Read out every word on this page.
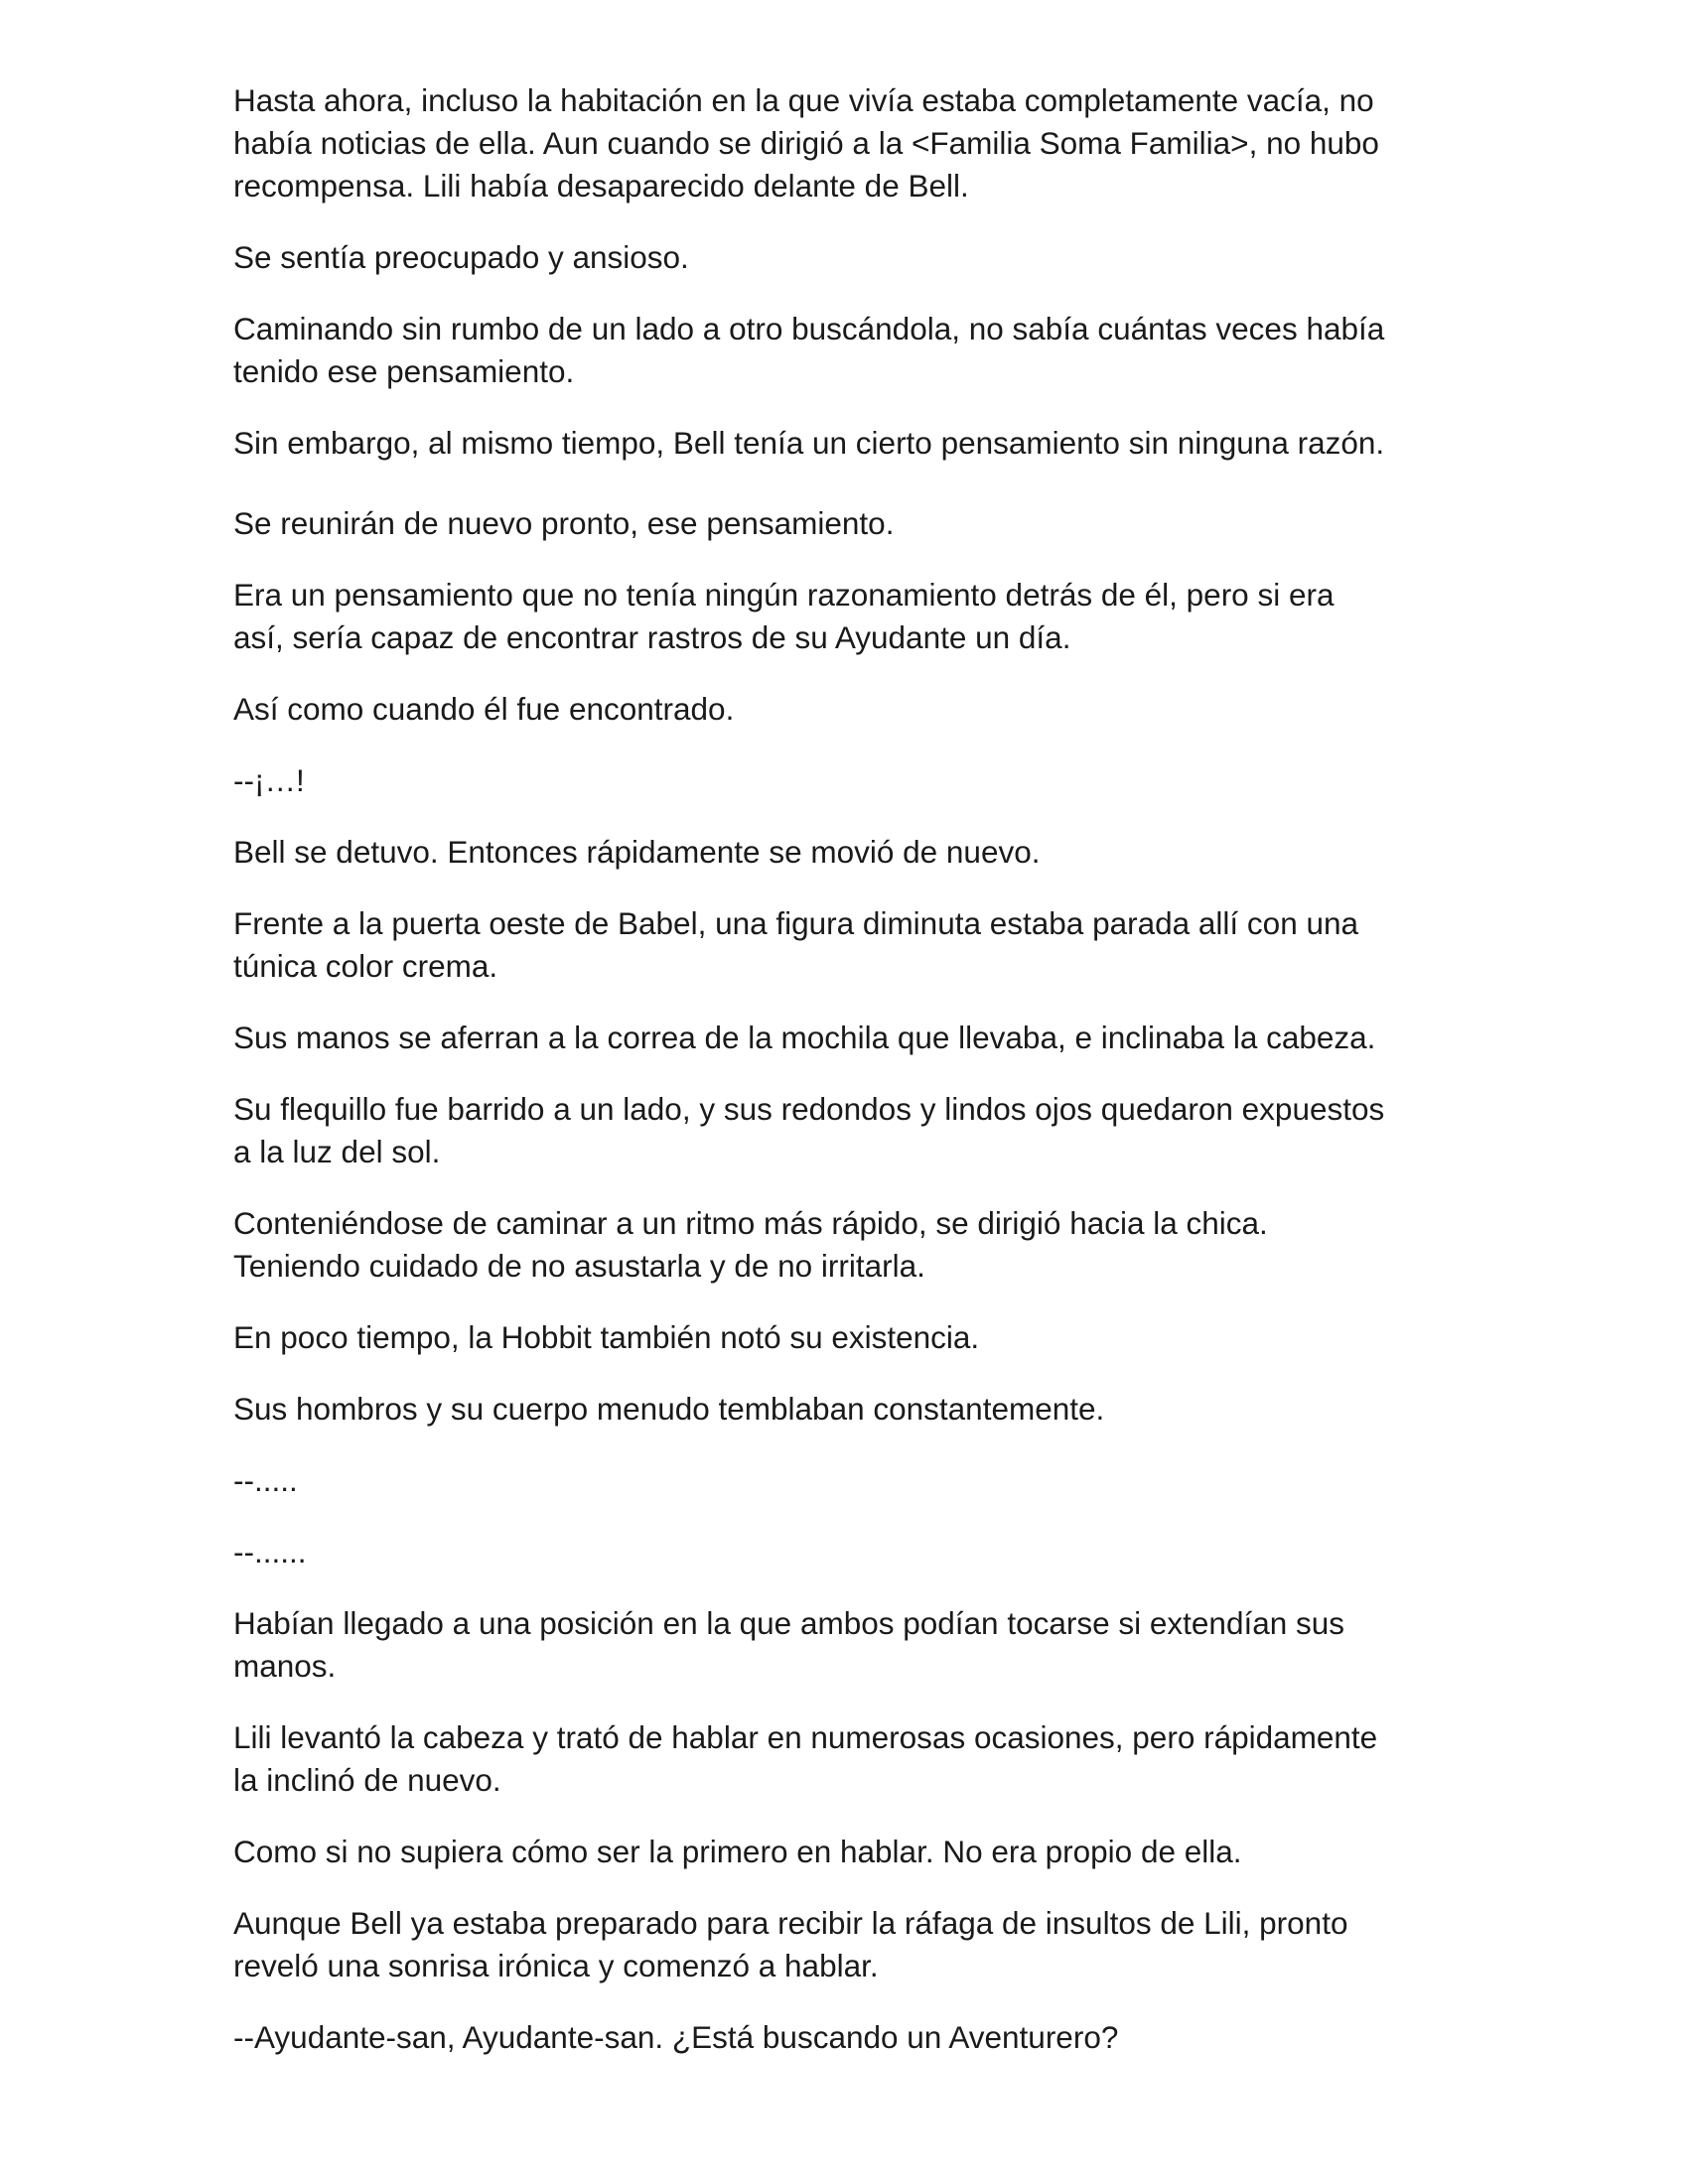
Hasta ahora, incluso la habitación en la que vivía estaba completamente vacía, no
había noticias de ella. Aun cuando se dirigió a la <Familia Soma Familia>, no hubo
recompensa. Lili había desaparecido delante de Bell.

Se sentía preocupado y ansioso.

Caminando sin rumbo de un lado a otro buscándola, no sabía cuántas veces había
tenido ese pensamiento.

Sin embargo, al mismo tiempo, Bell tenía un cierto pensamiento sin ninguna razón.

Se reunirán de nuevo pronto, ese pensamiento.

Era un pensamiento que no tenía ningún razonamiento detrás de él, pero si era
así, sería capaz de encontrar rastros de su Ayudante un día.

Así como cuando él fue encontrado.

--¡…!

Bell se detuvo. Entonces rápidamente se movió de nuevo.

Frente a la puerta oeste de Babel, una figura diminuta estaba parada allí con una
túnica color crema.

Sus manos se aferran a la correa de la mochila que llevaba, e inclinaba la cabeza.

Su flequillo fue barrido a un lado, y sus redondos y lindos ojos quedaron expuestos
a la luz del sol.

Conteniéndose de caminar a un ritmo más rápido, se dirigió hacia la chica.
Teniendo cuidado de no asustarla y de no irritarla.

En poco tiempo, la Hobbit también notó su existencia.

Sus hombros y su cuerpo menudo temblaban constantemente.

--.....

--......

Habían llegado a una posición en la que ambos podían tocarse si extendían sus
manos.

Lili levantó la cabeza y trató de hablar en numerosas ocasiones, pero rápidamente
la inclinó de nuevo.

Como si no supiera cómo ser la primero en hablar. No era propio de ella.

Aunque Bell ya estaba preparado para recibir la ráfaga de insultos de Lili, pronto
reveló una sonrisa irónica y comenzó a hablar.

--Ayudante-san, Ayudante-san. ¿Está buscando un Aventurero?
